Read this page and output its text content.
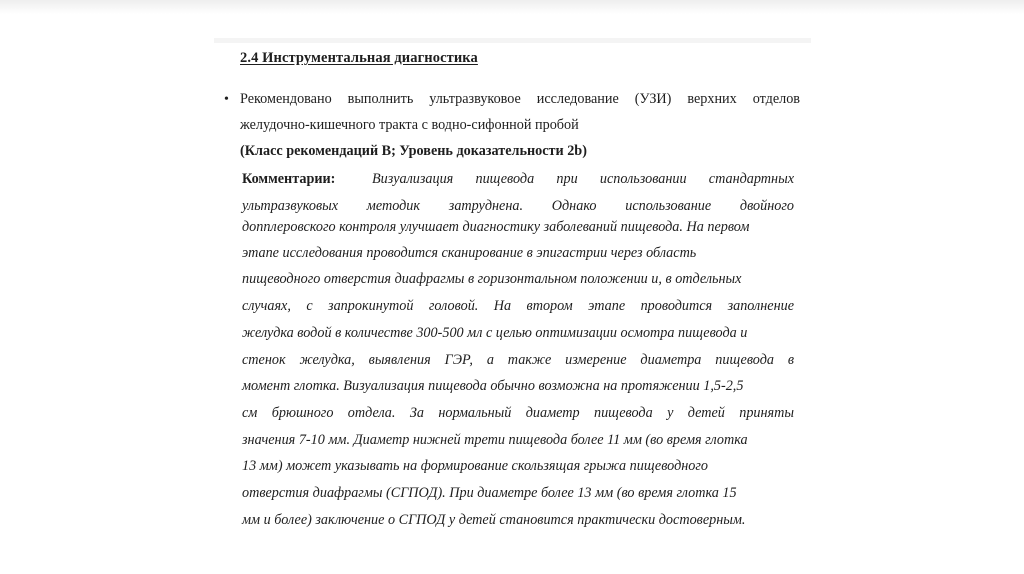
2.4 Инструментальная диагностика
• Рекомендовано выполнить ультразвуковое исследование (УЗИ) верхних отделов
желудочно-кишечного тракта с водно-сифонной пробой
(Класс рекомендаций B; Уровень доказательности 2b)
Комментарии:	Визуализация пищевода при использовании стандартных
ультразвуковых методик затруднена. Однако использование двойного
допплеровского контроля улучшает диагностику заболеваний пищевода. На первом
этапе исследования проводится сканирование в эпигастрии через область
пищеводного отверстия диафрагмы в горизонтальном положении и, в отдельных
случаях, с запрокинутой головой. На втором этапе проводится заполнение
желудка водой в количестве 300-500 мл с целью оптимизации осмотра пищевода и
стенок желудка, выявления ГЭР, а также измерение диаметра пищевода в
момент глотка. Визуализация пищевода обычно возможна на протяжении 1,5-2,5
см брюшного отдела. За нормальный диаметр пищевода у детей приняты
значения 7-10 мм. Диаметр нижней трети пищевода более 11 мм (во время глотка
13 мм) может указывать на формирование скользящая грыжа пищеводного
отверстия диафрагмы (СГПОД). При диаметре более 13 мм (во время глотка 15
мм и более) заключение о СГПОД у детей становится практически достоверным.
